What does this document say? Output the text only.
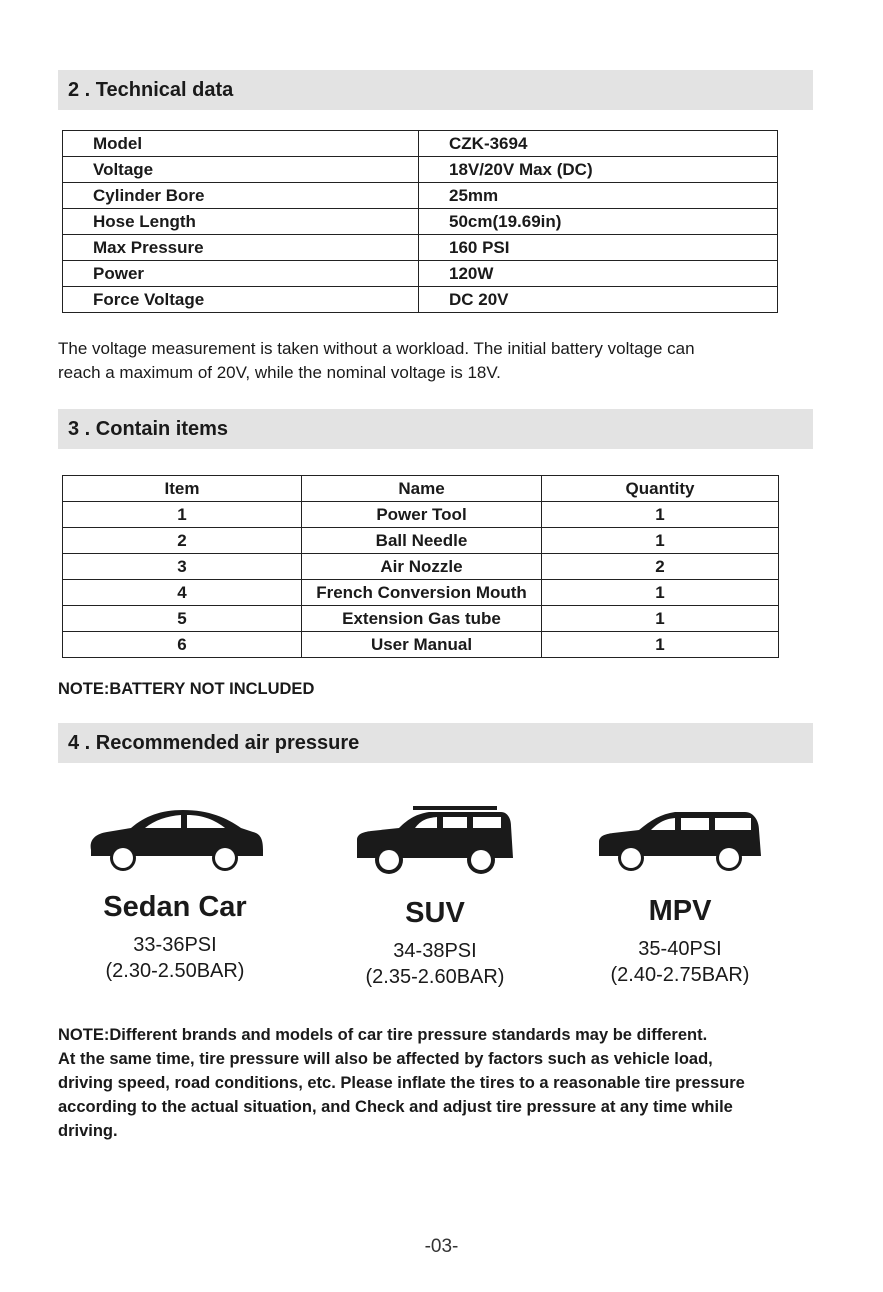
2 . Technical data
Model	CZK-3694
Voltage	18V/20V Max (DC)
Cylinder Bore	25mm
Hose Length	50cm(19.69in)
Max Pressure	160 PSI
Power	120W
Force Voltage	DC 20V
The voltage measurement is taken without a workload. The initial battery voltage can
reach a maximum of 20V, while the nominal voltage is 18V.
3 . Contain items
Item	Name	Quantity
1	Power Tool	1
2	Ball Needle	1
3	Air Nozzle	2
4	French Conversion Mouth	1
5	Extension Gas tube	1
6	User Manual	1
NOTE:BATTERY NOT INCLUDED
4 . Recommended air pressure
Sedan Car
33-36PSI
(2.30-2.50BAR)
SUV
34-38PSI
(2.35-2.60BAR)
MPV
35-40PSI
(2.40-2.75BAR)
NOTE:Different brands and models of car tire pressure standards may be different.
At the same time, tire pressure will also be affected by factors such as vehicle load,
driving speed, road conditions, etc. Please inflate the tires to a reasonable tire pressure
according to the actual situation, and Check and adjust tire pressure at any time while
driving.
-03-
